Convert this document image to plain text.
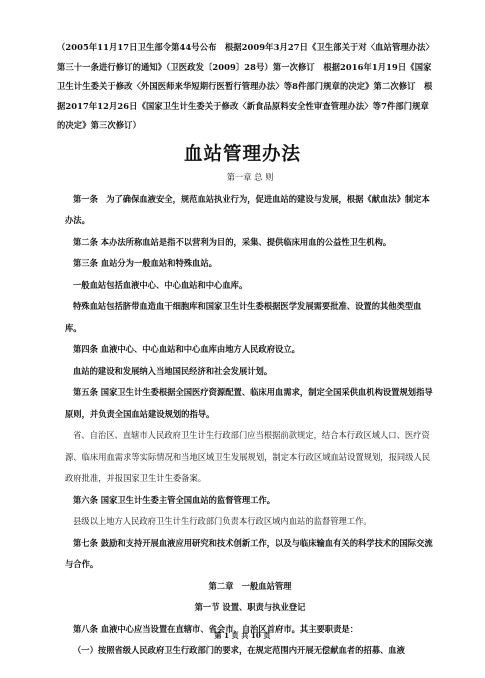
（2005年11月17日卫生部令第44号公布　根据2009年3月27日《卫生部关于对〈血站管理办法〉第三十一条进行修订的通知》（卫医政发〔2009〕28号）第一次修订　根据2016年1月19日《国家卫生计生委关于修改〈外国医师来华短期行医暂行管理办法〉等8件部门规章的决定》第二次修订　根据2017年12月26日《国家卫生计生委关于修改〈新食品原料安全性审查管理办法〉等7件部门规章的决定》第三次修订）
血站管理办法

第一章 总 则

第一条　为了确保血液安全，规范血站执业行为，促进血站的建设与发展，根据《献血法》制定本办法。

第二条 本办法所称血站是指不以营利为目的，采集、提供临床用血的公益性卫生机构。

第三条 血站分为一般血站和特殊血站。

一般血站包括血液中心、中心血站和中心血库。

特殊血站包括脐带血造血干细胞库和国家卫生计生委根据医学发展需要批准、设置的其他类型血库。

第四条 血液中心、中心血站和中心血库由地方人民政府设立。

血站的建设和发展纳入当地国民经济和社会发展计划。

第五条 国家卫生计生委根据全国医疗资源配置、临床用血需求，制定全国采供血机构设置规划指导原则，并负责全国血站建设规划的指导。

省、自治区、直辖市人民政府卫生计生行政部门应当根据前款规定，结合本行政区域人口、医疗资源、临床用血需求等实际情况和当地区域卫生发展规划，制定本行政区域血站设置规划，报同级人民政府批准，并报国家卫生计生委备案。

第六条 国家卫生计生委主管全国血站的监督管理工作。

县级以上地方人民政府卫生计生行政部门负责本行政区域内血站的监督管理工作。

第七条 鼓励和支持开展血液应用研究和技术创新工作，以及与临床输血有关的科学技术的国际交流与合作。

第二章　一般血站管理

第一节 设置、职责与执业登记

第八条 血液中心应当设置在直辖市、省会市、自治区首府市。其主要职责是：

（一）按照省级人民政府卫生行政部门的要求，在规定范围内开展无偿献血者的招募、血液

第 1 页 共 10 页
